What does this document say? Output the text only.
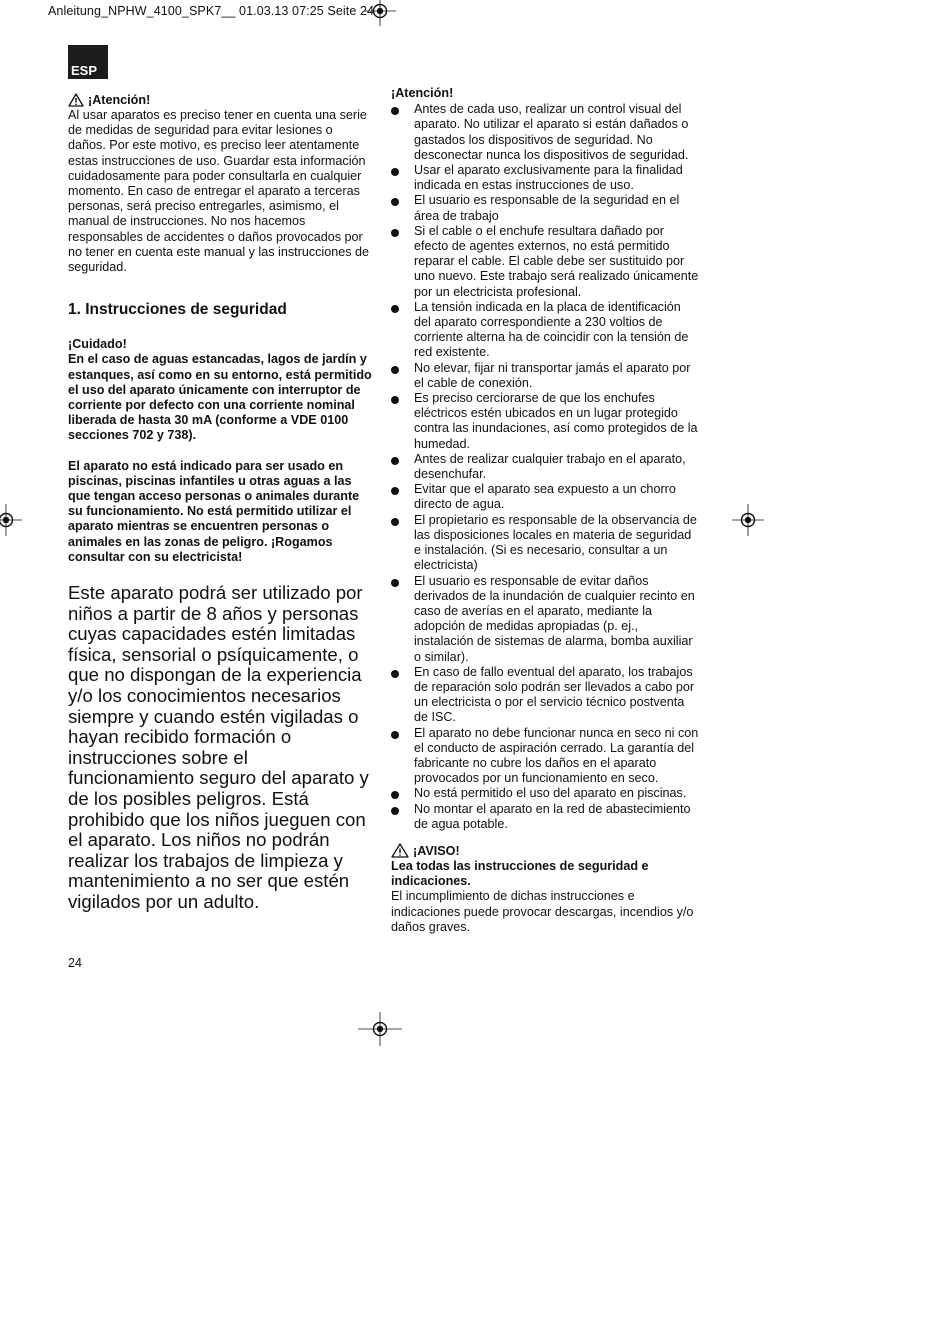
Anleitung_NPHW_4100_SPK7__ 01.03.13 07:25 Seite 24
ESP
¡Atención!

Al usar aparatos es preciso tener en cuenta una serie de medidas de seguridad para evitar lesiones o daños. Por este motivo, es preciso leer atentamente estas instrucciones de uso. Guardar esta información cuidadosamente para poder consultarla en cualquier momento. En caso de entregar el aparato a terceras personas, será preciso entregarles, asimismo, el manual de instrucciones. No nos hacemos responsables de accidentes o daños provocados por no tener en cuenta este manual y las instrucciones de seguridad.

1. Instrucciones de seguridad

¡Cuidado!

En el caso de aguas estancadas, lagos de jardín y estanques, así como en su entorno, está permitido el uso del aparato únicamente con interruptor de corriente por defecto con una corriente nominal liberada de hasta 30 mA (conforme a VDE 0100 secciones 702 y 738).

El aparato no está indicado para ser usado en piscinas, piscinas infantiles u otras aguas a las que tengan acceso personas o animales durante su funcionamiento. No está permitido utilizar el aparato mientras se encuentren personas o animales en las zonas de peligro. ¡Rogamos consultar con su electricista!

Este aparato podrá ser utilizado por niños a partir de 8 años y personas cuyas capacidades estén limitadas física, sensorial o psíquicamente, o que no dispongan de la experiencia y/o los conocimientos necesarios siempre y cuando estén vigiladas o hayan recibido formación o instrucciones sobre el funcionamiento seguro del aparato y de los posibles peligros. Está prohibido que los niños jueguen con el aparato. Los niños no podrán realizar los trabajos de limpieza y mantenimiento a no ser que estén vigilados por un adulto.

¡Atención!

Antes de cada uso, realizar un control visual del aparato. No utilizar el aparato si están dañados o gastados los dispositivos de seguridad. No desconectar nunca los dispositivos de seguridad.
Usar el aparato exclusivamente para la finalidad indicada en estas instrucciones de uso.
El usuario es responsable de la seguridad en el área de trabajo
Si el cable o el enchufe resultara dañado por efecto de agentes externos, no está permitido reparar el cable. El cable debe ser sustituido por uno nuevo. Este trabajo será realizado únicamente por un electricista profesional.
La tensión indicada en la placa de identificación del aparato correspondiente a 230 voltios de corriente alterna ha de coincidir con la tensión de red existente.
No elevar, fijar ni transportar jamás el aparato por el cable de conexión.
Es preciso cerciorarse de que los enchufes eléctricos estén ubicados en un lugar protegido contra las inundaciones, así como protegidos de la humedad.
Antes de realizar cualquier trabajo en el aparato, desenchufar.
Evitar que el aparato sea expuesto a un chorro directo de agua.
El propietario es responsable de la observancia de las disposiciones locales en materia de seguridad e instalación. (Si es necesario, consultar a un electricista)
El usuario es responsable de evitar daños derivados de la inundación de cualquier recinto en caso de averías en el aparato, mediante la adopción de medidas apropiadas (p. ej., instalación de sistemas de alarma, bomba auxiliar o similar).
En caso de fallo eventual del aparato, los trabajos de reparación solo podrán ser llevados a cabo por un electricista o por el servicio técnico postventa de ISC.
El aparato no debe funcionar nunca en seco ni con el conducto de aspiración cerrado. La garantía del fabricante no cubre los daños en el aparato provocados por un funcionamiento en seco.
No está permitido el uso del aparato en piscinas.
No montar el aparato en la red de abastecimiento de agua potable.
¡AVISO!

Lea todas las instrucciones de seguridad e indicaciones.

El incumplimiento de dichas instrucciones e indicaciones puede provocar descargas, incendios y/o daños graves.

24
